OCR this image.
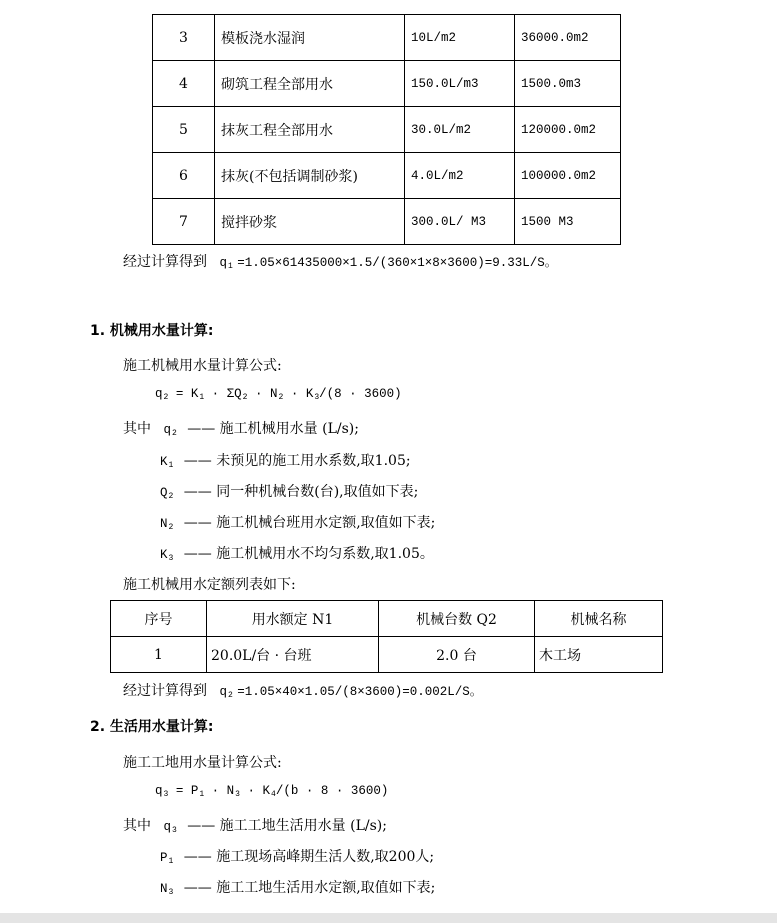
3	模板浇水湿润	10L/m2	36000.0m2
4	砌筑工程全部用水	150.0L/m3	1500.0m3
5	抹灰工程全部用水	30.0L/m2	120000.0m2
6	抹灰(不包括调制砂浆)	4.0L/m2	100000.0m2
7	搅拌砂浆	300.0L/ M3	1500 M3
经过计算得到 $q_1 =1.05\times 61435000\times 1.5/(360\times 1\times 8\times 3600)=9.33L/S$。
1. 机械用水量计算:
施工机械用水量计算公式:
$q_2 = K_1 \cdot \Sigma Q_2 \cdot N_2 \cdot K_3/(8 \cdot 3600)$
其中 $q_2$ —— 施工机械用水量 (L/s);
$K_1$ —— 未预见的施工用水系数,取1.05;
$Q_2$ —— 同一种机械台数(台),取值如下表;
$N_2$ —— 施工机械台班用水定额,取值如下表;
$K_3$ —— 施工机械用水不均匀系数,取1.05。
施工机械用水定额列表如下:
序号	用水额定 N1	机械台数 Q2	机械名称
1	20.0L/台 · 台班	2.0 台	木工场
经过计算得到 $q_2 =1.05\times 40\times 1.05/(8\times 3600)=0.002L/S$。
2. 生活用水量计算:
施工工地用水量计算公式:
$q_3 = P_1 \cdot N_3 \cdot K_4/(b \cdot 8 \cdot 3600)$
其中 $q_3$ —— 施工工地生活用水量 (L/s);
$P_1$ —— 施工现场高峰期生活人数,取200人;
$N_3$ —— 施工工地生活用水定额,取值如下表;
